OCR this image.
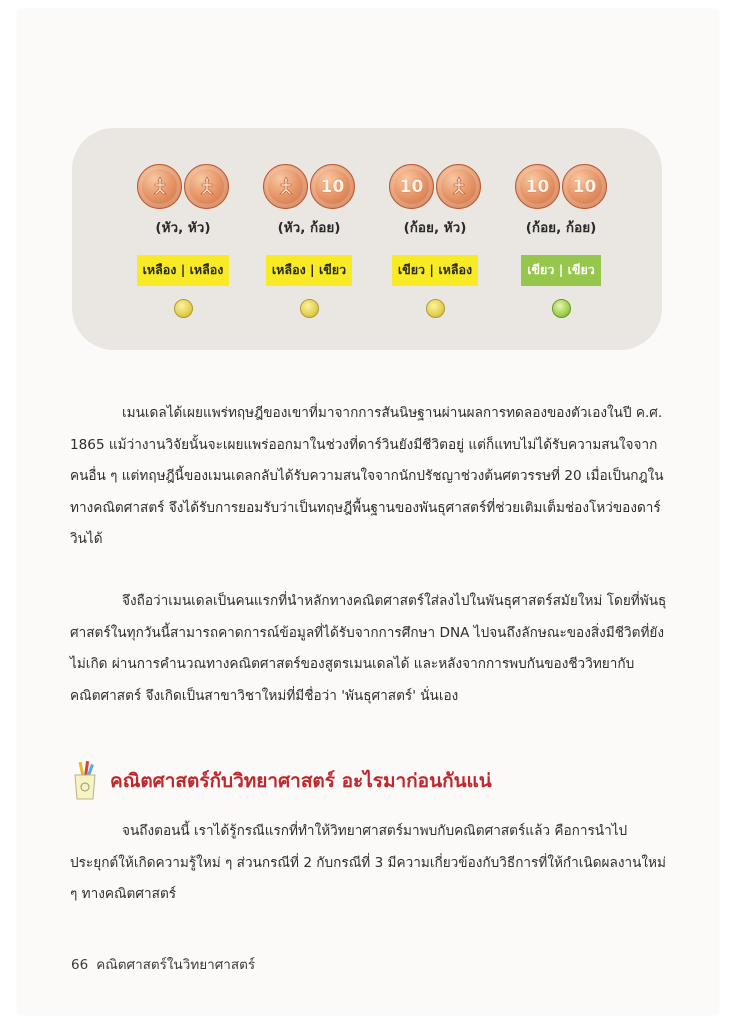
(หัว, หัว)
เหลือง | เหลือง
10
(หัว, ก้อย)
เหลือง | เขียว
10
(ก้อย, หัว)
เขียว | เหลือง
10 10
(ก้อย, ก้อย)
เขียว | เขียว

เมนเดลได้เผยแพร่ทฤษฎีของเขาที่มาจากการสันนิษฐานผ่านผลการทดลองของตัวเองในปี ค.ศ. 1865 แม้ว่างานวิจัยนั้นจะเผยแพร่ออกมาในช่วงที่ดาร์วินยังมีชีวิตอยู่ แต่ก็แทบไม่ได้รับความสนใจจากคนอื่น ๆ แต่ทฤษฎีนี้ของเมนเดลกลับได้รับความสนใจจากนักปรัชญาช่วงต้นศตวรรษที่ 20 เมื่อเป็นกฎในทางคณิตศาสตร์ จึงได้รับการยอมรับว่าเป็นทฤษฎีพื้นฐานของพันธุศาสตร์ที่ช่วยเติมเต็มช่องโหว่ของดาร์วินได้

จึงถือว่าเมนเดลเป็นคนแรกที่นำหลักทางคณิตศาสตร์ใส่ลงไปในพันธุศาสตร์สมัยใหม่ โดยที่พันธุศาสตร์ในทุกวันนี้สามารถคาดการณ์ข้อมูลที่ได้รับจากการศึกษา DNA ไปจนถึงลักษณะของสิ่งมีชีวิตที่ยังไม่เกิด ผ่านการคำนวณทางคณิตศาสตร์ของสูตรเมนเดลได้ และหลังจากการพบกันของชีววิทยากับคณิตศาสตร์ จึงเกิดเป็นสาขาวิชาใหม่ที่มีชื่อว่า 'พันธุศาสตร์' นั่นเอง

คณิตศาสตร์กับวิทยาศาสตร์ อะไรมาก่อนกันแน่

จนถึงตอนนี้ เราได้รู้กรณีแรกที่ทำให้วิทยาศาสตร์มาพบกับคณิตศาสตร์แล้ว คือการนำไปประยุกต์ให้เกิดความรู้ใหม่ ๆ ส่วนกรณีที่ 2 กับกรณีที่ 3 มีความเกี่ยวข้องกับวิธีการที่ให้กำเนิดผลงานใหม่ ๆ ทางคณิตศาสตร์

66 คณิตศาสตร์ในวิทยาศาสตร์
